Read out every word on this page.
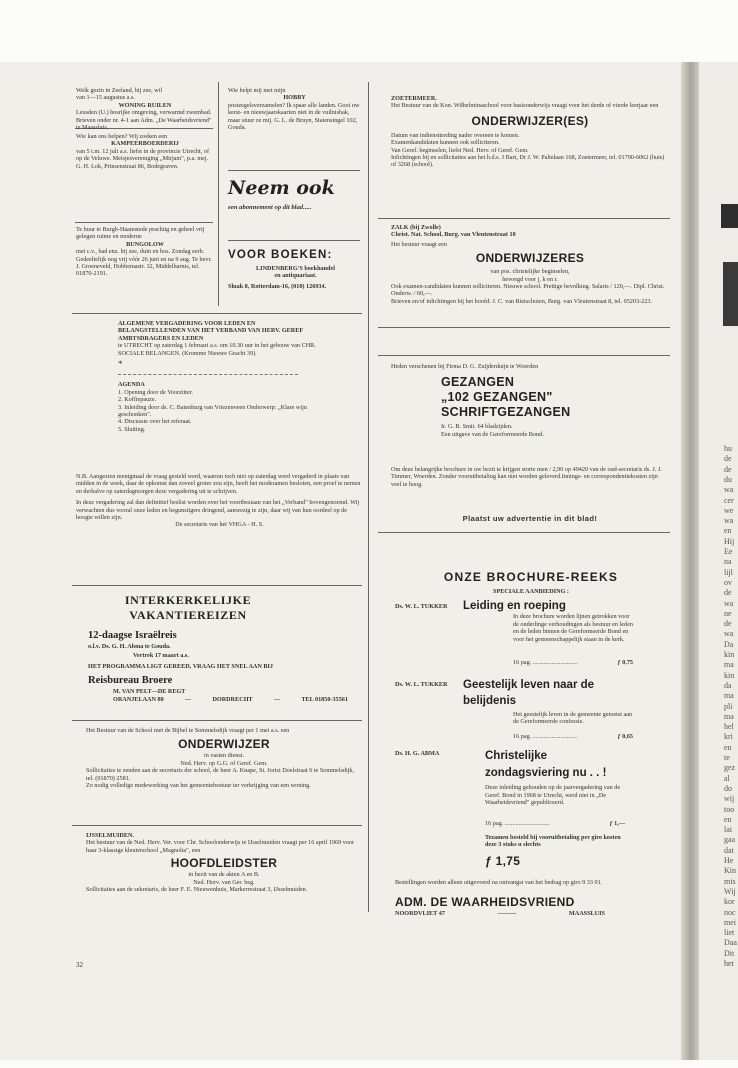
hu
de
de
du
wa
cer
we
wa
en
Hij
Ee
na
lijl
ov
de
wa
ne
de
wa
Da
kin
ma
kin
da
ma
pli
ma
hel
kri
en
te
gez
al
do
wij
too
en
lai
gaa
dat
He
Kin
mis
Wij
kor
noc
mei
liet
Daa
Dit
het

Welk gezin in Zeeland, bij zee, wil

van 1—15 augustus a.s.

WONING RUILEN

Leusden (U.) bosrijke omgeving, verwarmd zwembad. Brieven onder nr. 4-1 aan Adm. „De Waarheidsvriend" te Maassluis.

Wie kan ons helpen? Wij zoeken een

KAMPEERBOERDERIJ

van 5 t.m. 12 juli a.s. liefst in de provincie Utrecht, of op de Veluwe. Meisjesvereniging „Mirjam", p.a. mej. G. H. Lok, Prinsenstraat 86, Bodegraven.

Te huur te Burgh-Haamstede prachtig en geheel vrij gelegen ruime en moderne

BUNGOLOW

met c.v., bad enz. bij zee, duin en bos. Zondag eerb. Gedeeltelijk nog vrij vóór 26 juni en na 9 aug. Te bevr. J. Groeneveld, Hobbemastr. 32, Middelharnis, tel. 01870-2191.

Wie helpt mij met mijn

HOBBY

postzegelsverzamelen? Ik spaar alle landen. Gooi uw kerst- en nieuwjaarskaarten niet in de vuilnisbak, maar stuur ze mij. G. L. de Bruyn, Statensingel 102, Gouda.

Neem ook

een abonnement op dit blad.....

VOOR BOEKEN:

LINDENBERG'S boekhandel

en antiquariaat.

Sluak 8, Rotterdam-16, (010) 126934.

ALGEMENE VERGADERING VOOR LEDEN EN BELANGSTELLENDEN VAN HET VERBAND VAN HERV. GEREF AMBTSDRAGERS EN LEDEN

te UTRECHT op zaterdag 1 februari a.s. om 10.30 uur in het gebouw van CHR. SOCIALE BELANGEN. (Kromme Nieuwe Gracht 39).

*

AGENDA

1. Opening door de Voorzitter.

2. Koffiepauze.

3. Inleiding door ds. C. Batenburg van Vriezenveen Onderwerp: „Klare wijn geschonken".

4. Discussie over het referaat.

5. Sluiting.

N.B. Aangezien menigmaal de vraag gesteld werd, waarom toch niet op zaterdag werd vergaderd in plaats van midden in de week, daar de opkomst dan zoveel groter zou zijn, heeft het moderamen besloten, een proef te nemen en derhalve op zaterdagmorgen deze vergadering uit te schrijven.

In deze vergadering zal dan definitief beslist worden over het voortbestaan van het „Verband" bovengenoemd. Wij verwachten dus vooral onze leden en begunstigers dringend, aanwezig te zijn, daar wij van hun oordeel op de hoogte willen zijn.

De secretaris van het VHGA - H. S.

INTERKERKELIJKE

VAKANTIEREIZEN

12-daagse Israëlreis

o.l.v. Ds. G. H. Abma te Gouda.

Vertrek 17 maart a.s.

HET PROGRAMMA LIGT GEREED, VRAAG HET SNEL AAN BIJ

Reisbureau Broere

M. VAN PELT—DE REGT

ORANJELAAN 80	—	DORDRECHT	—	TEL 01850-35561

Het Bestuur van de School met de Bijbel te Sommelsdijk vraagt per 1 mei a.s. een

ONDERWIJZER

in vasten dienst.

Ned. Herv. op G.G. of Geref. Gem.

Sollicitaties te zenden aan de secretaris der school, de heer A. Knape, St. Jorisi Doelstraat 6 te Sommelsdijk, tel. (01870) 2581.

Zo nodig volledige medewerking van het gemeentebestuur ter verkrijging van een woning.

IJSSELMUIDEN.

Het bestuur van de Ned. Herv. Ver. voor Chr. Schoolonderwijs te IJsselmuiden vraagt per 16 april 1969 voor haar 3-klassige kleuterschool „Magnolia", een

HOOFDLEIDSTER

in bezit van de akten A en B.

Ned. Herv. van Ger. beg.

Sollicitaties aan de sekretaris, de heer F. E. Nieuwenhuis, Markerrestraat 3, IJsselmuiden.

32

ZOETERMEER.

Het Bestuur van de Kon. Wilhelminaschool voor basisonderwijs vraagt voor het derde of vierde leerjaar een

ONDERWIJZER(ES)

Datum van indiensttreding nader overeen te komen.

Examenkandidaten kunnen ook solliciteren.

Van Geref. beginselen, liefst Ned. Herv. of Geref. Gem.

Inlichtingen bij en sollicitaties aan het h.d.s. J Bart, Dr J. W. Paltelaan 168, Zoetermeer, tel. 01790-6062 (huis) of 3268 (school).

ZALK (bij Zwolle)

Christ. Nat. School, Burg. van Vleutenstraat 10

Het bestuur vraagt een

ONDERWIJZERES

van pos. christelijke beginselen,

hevoegd voor j, k en r.

Ook examen-candidaten kunnen solliciteren. Nieuwe school. Prettige bevolking. Salaris / 120,—. Dipl. Christ. Onderw. / 60,—.

Brieven en/of inlichtingen bij het hoofd: J. C. van Rietschoten, Burg. van Vleutenstraat 8, tel. 05203-223.

Heden verschenen bij Firma D. G. Zuijderduijn te Woerden

GEZANGEN

„102 GEZANGEN"

SCHRIFTGEZANGEN

Ir. G. B. Smit. 64 bladzijden.

Een uitgave van de Gereformeerde Bond.

Om deze belangrijke brochure in uw bezit te krijgen storte men / 2,90 op 49420 van de oud-secretaris ds. J. J. Timmer, Woerden. Zonder vooruitbetaling kan niet worden geleverd.Innings- en correspondentiekosten zijn veel te hoog.

Plaatst uw advertentie in dit blad!

ONZE BROCHURE-REEKS

SPECIALE AANBIEDING :

Ds. W. L. TUKKER Leiding en roeping

In deze brochure worden lijnen getrokken voor de onderlinge verhoudingen als bestuur en leden en de leden binnen de Gereformeerde Bond en voor het gemeenschappelijk staan in de kerk.

16 pag. .............................	ƒ 0,75
Ds. W. L. TUKKER Geestelijk leven naar de belijdenis

Het geestelijk leven in de gemeente getoetst aan de Gereformeerde confessie.

16 pag. .............................	ƒ 0,65
Ds. H. G. ABMA	Christelijke zondagsviering nu . . !

Deze inleiding gehouden op de jaarvergadering van de Geref. Bond in 1968 te Utrecht, werd niet in „De Waarheidsvriend" gepubliceerd.

16 pag. .............................	ƒ 1,—

Tezamen besteld bij vooruitbetaling per giro kosten deze 3 stuks u slechts

ƒ 1,75

Bestellingen worden alleen uitgevoerd na ontvangst van het bedrag op giro 9 33 01.

ADM. DE WAARHEIDSVRIEND

NOORDVLIET 47	———	MAASSLUIS
